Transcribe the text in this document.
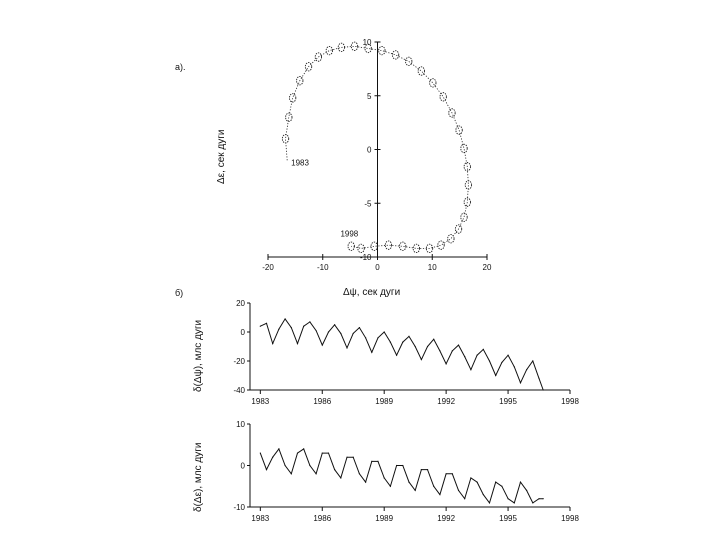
-10
-5
0
5
10
-20	-10	0	10	20
1983
1998
-40
-20
0
20
1983	1986	1989	1992	1995	1998
-10
0
10
1983	1986	1989	1992	1995	1998
а).
б)
Δε, сек дуги
Δψ, сек дуги
δ(Δψ), млс дуги
δ(Δε), млс дуги
